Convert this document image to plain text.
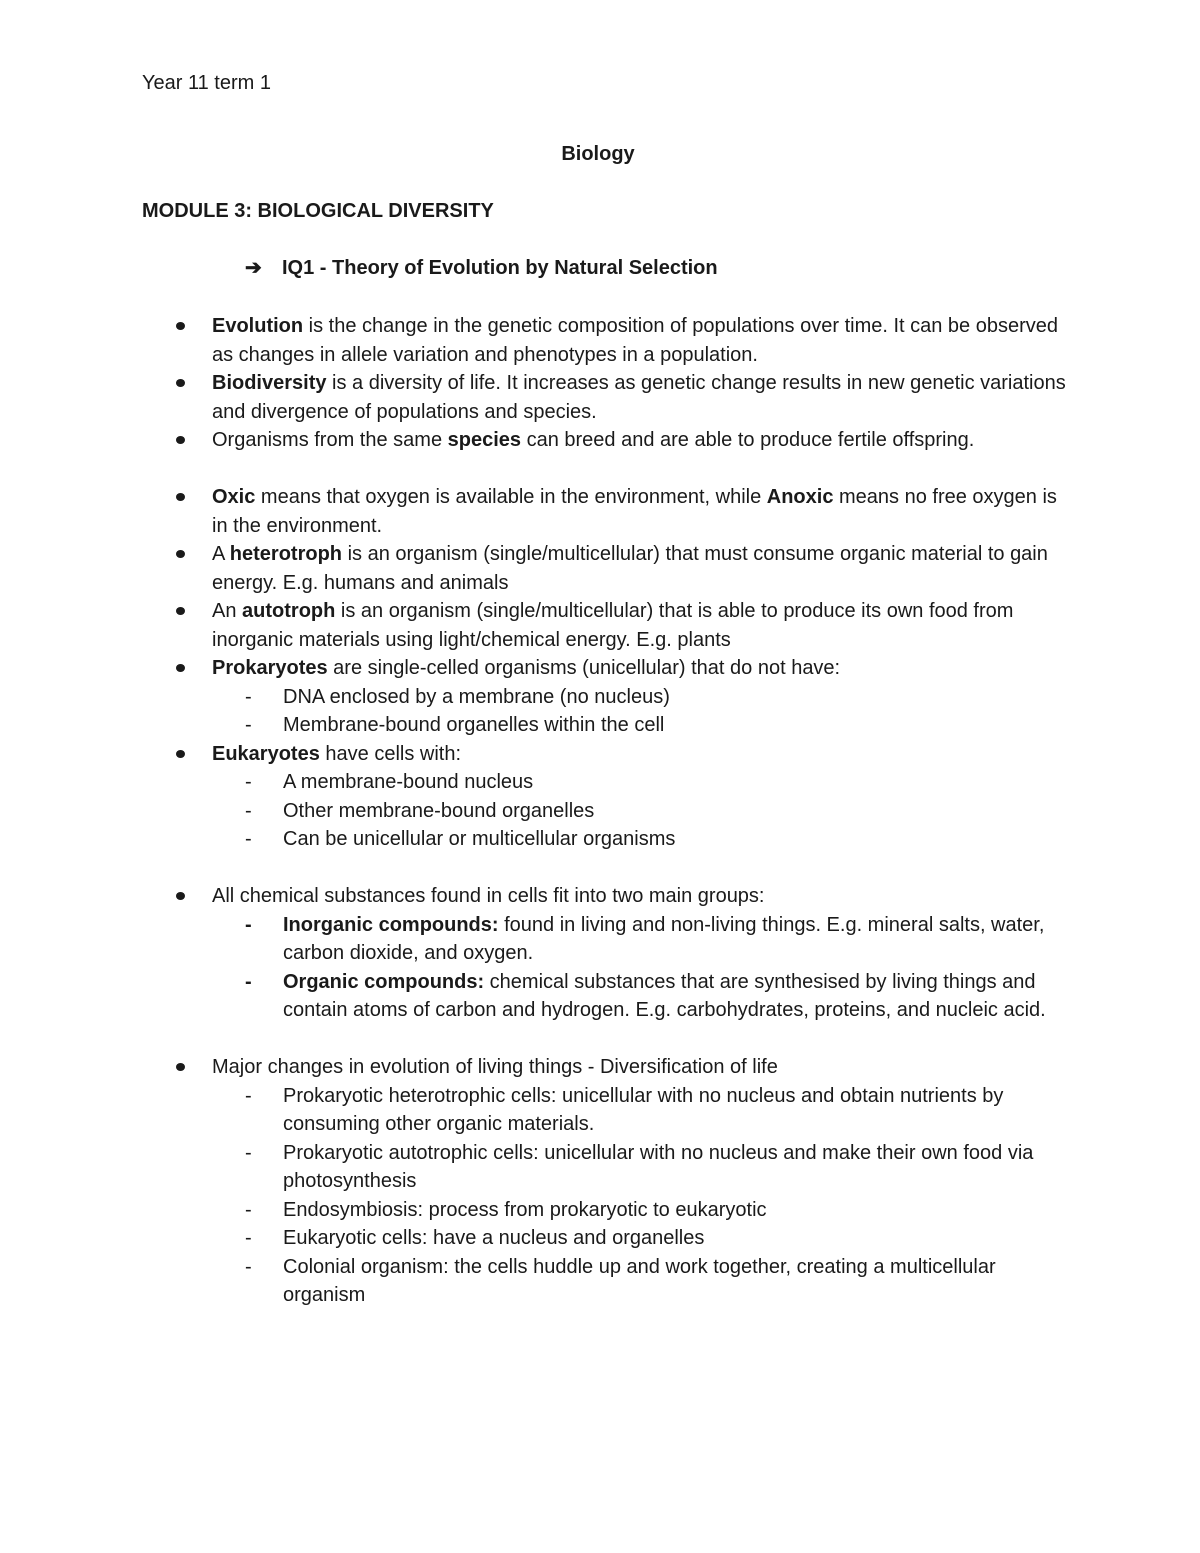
Year 11 term 1
Biology
MODULE 3: BIOLOGICAL DIVERSITY
➔ IQ1 - Theory of Evolution by Natural Selection
Evolution is the change in the genetic composition of populations over time. It can be observed as changes in allele variation and phenotypes in a population.
Biodiversity is a diversity of life. It increases as genetic change results in new genetic variations and divergence of populations and species.
Organisms from the same species can breed and are able to produce fertile offspring.
Oxic means that oxygen is available in the environment, while Anoxic means no free oxygen is in the environment.
A heterotroph is an organism (single/multicellular) that must consume organic material to gain energy. E.g. humans and animals
An autotroph is an organism (single/multicellular) that is able to produce its own food from inorganic materials using light/chemical energy. E.g. plants
Prokaryotes are single-celled organisms (unicellular) that do not have:
- DNA enclosed by a membrane (no nucleus)
- Membrane-bound organelles within the cell
Eukaryotes have cells with:
- A membrane-bound nucleus
- Other membrane-bound organelles
- Can be unicellular or multicellular organisms
All chemical substances found in cells fit into two main groups:
- Inorganic compounds: found in living and non-living things. E.g. mineral salts, water, carbon dioxide, and oxygen.
- Organic compounds: chemical substances that are synthesised by living things and contain atoms of carbon and hydrogen. E.g. carbohydrates, proteins, and nucleic acid.
Major changes in evolution of living things - Diversification of life
- Prokaryotic heterotrophic cells: unicellular with no nucleus and obtain nutrients by consuming other organic materials.
- Prokaryotic autotrophic cells: unicellular with no nucleus and make their own food via photosynthesis
- Endosymbiosis: process from prokaryotic to eukaryotic
- Eukaryotic cells: have a nucleus and organelles
- Colonial organism: the cells huddle up and work together, creating a multicellular organism
